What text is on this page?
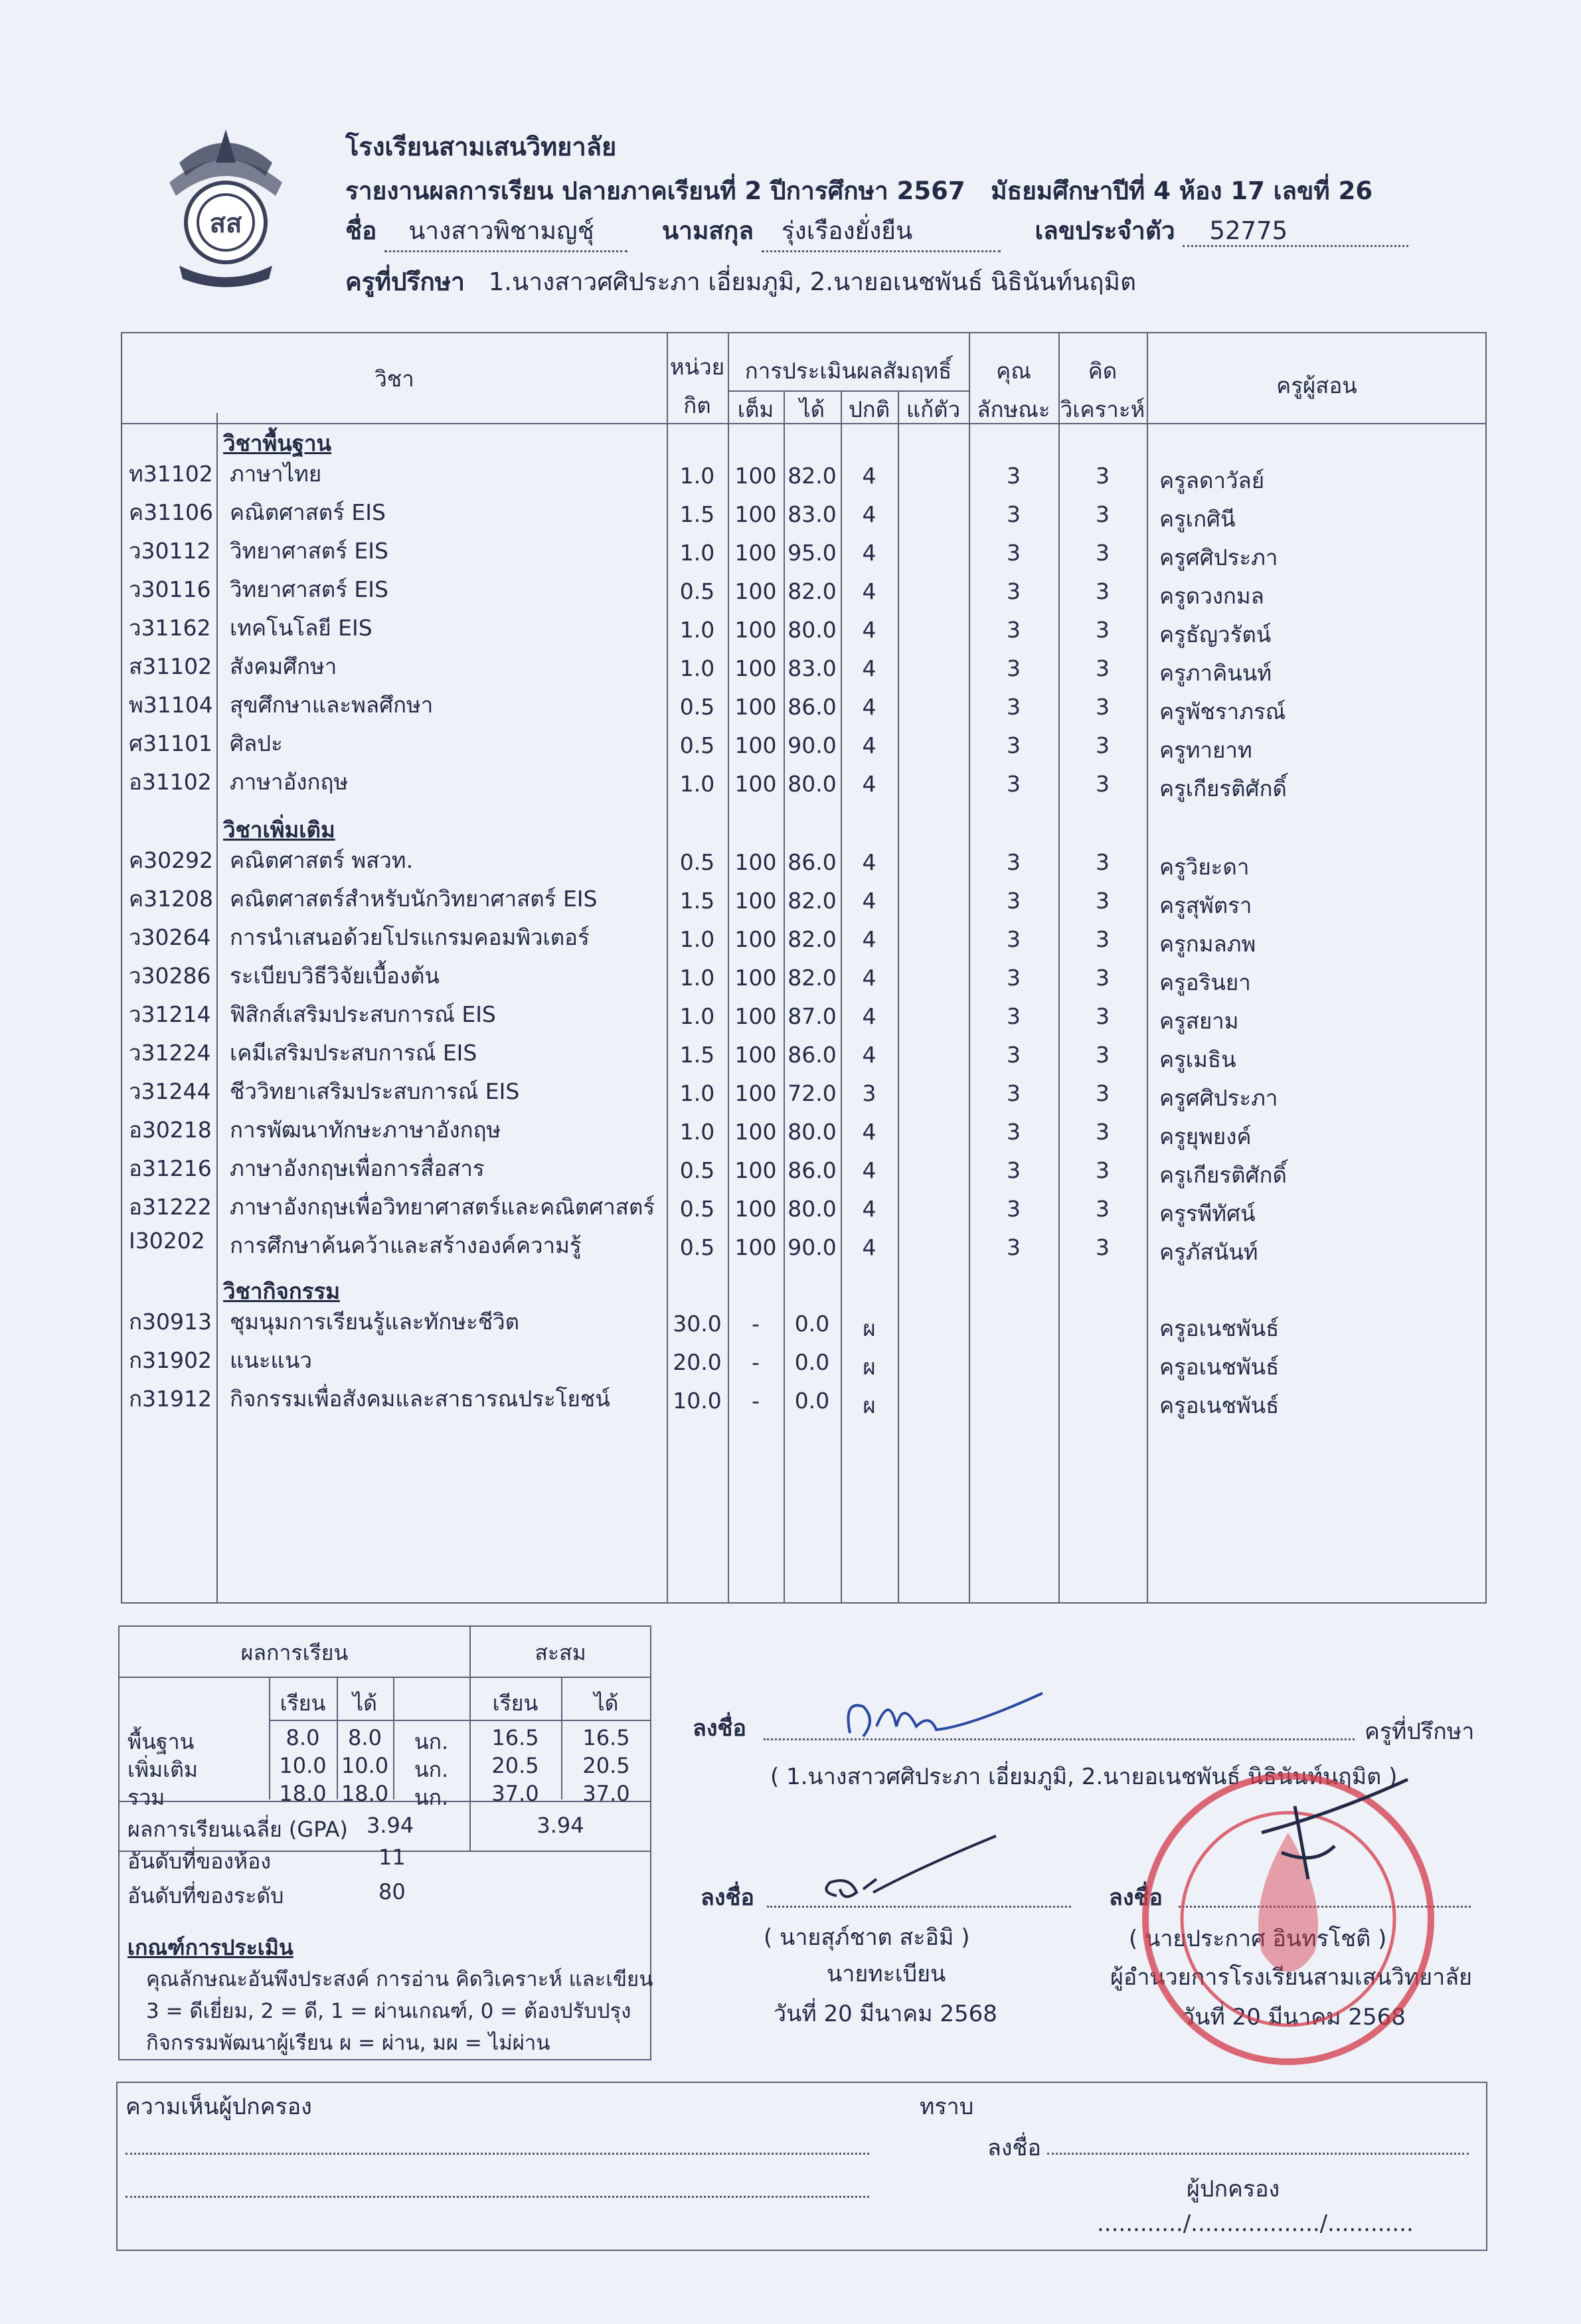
สส
โรงเรียนสามเสนวิทยาลัย
รายงานผลการเรียน ปลายภาคเรียนที่ 2 ปีการศึกษา 2567 มัธยมศึกษาปีที่ 4 ห้อง 17 เลขที่ 26
ชื่อ นางสาวพิชามญชุ์	นามสกุล รุ่งเรืองยั่งยืน	เลขประจำตัว 52775
ครูที่ปรึกษา 1.นางสาวศศิประภา เอี่ยมภูมิ, 2.นายอเนชพันธ์ นิธินันท์นฤมิต
วิชา	หน่วย
กิต
การประเมินผลสัมฤทธิ์
เต็ม	ได้	ปกติ แก้ตัว
คุณ
ลักษณะ
คิด
วิเคราะห์
ครูผู้สอน
วิชาพื้นฐาน
ท31102 ภาษาไทย	1.0 100 82.0	4	3	3	ครูลดาวัลย์
ค31106 คณิตศาสตร์ EIS	1.5 100 83.0	4	3	3	ครูเกศินี
ว30112 วิทยาศาสตร์ EIS	1.0 100 95.0	4	3	3	ครูศศิประภา
ว30116 วิทยาศาสตร์ EIS	0.5 100 82.0	4	3	3	ครูดวงกมล
ว31162 เทคโนโลยี EIS	1.0 100 80.0	4	3	3	ครูธัญวรัตน์
ส31102 สังคมศึกษา	1.0 100 83.0	4	3	3	ครูภาคินนท์
พ31104 สุขศึกษาและพลศึกษา	0.5 100 86.0	4	3	3	ครูพัชราภรณ์
ศ31101 ศิลปะ	0.5 100 90.0	4	3	3	ครูทายาท
อ31102 ภาษาอังกฤษ	1.0 100 80.0	4	3	3	ครูเกียรติศักดิ์
วิชาเพิ่มเติม
ค30292 คณิตศาสตร์ พสวท.	0.5 100 86.0	4	3	3	ครูวิยะดา
ค31208 คณิตศาสตร์สำหรับนักวิทยาศาสตร์ EIS	1.5 100 82.0	4	3	3	ครูสุพัตรา
ว30264 การนำเสนอด้วยโปรแกรมคอมพิวเตอร์	1.0 100 82.0	4	3	3	ครูกมลภพ
ว30286 ระเบียบวิธีวิจัยเบื้องต้น	1.0 100 82.0	4	3	3	ครูอรินยา
ว31214 ฟิสิกส์เสริมประสบการณ์ EIS	1.0 100 87.0	4	3	3	ครูสยาม
ว31224 เคมีเสริมประสบการณ์ EIS	1.5 100 86.0	4	3	3	ครูเมธิน
ว31244 ชีววิทยาเสริมประสบการณ์ EIS	1.0 100 72.0	3	3	3	ครูศศิประภา
อ30218 การพัฒนาทักษะภาษาอังกฤษ	1.0 100 80.0	4	3	3	ครูยุพยงค์
อ31216 ภาษาอังกฤษเพื่อการสื่อสาร	0.5 100 86.0	4	3	3	ครูเกียรติศักดิ์
อ31222 ภาษาอังกฤษเพื่อวิทยาศาสตร์และคณิตศาสตร์	0.5 100 80.0	4	3	3	ครูรพีทัศน์
I30202 การศึกษาค้นคว้าและสร้างองค์ความรู้	0.5 100 90.0	4	3	3	ครูภัสนันท์
วิชากิจกรรม
ก30913 ชุมนุมการเรียนรู้และทักษะชีวิต	30.0	-	0.0	ผ	ครูอเนชพันธ์
ก31902 แนะแนว	20.0	-	0.0	ผ	ครูอเนชพันธ์
ก31912 กิจกรรมเพื่อสังคมและสาธารณประโยชน์	10.0	-	0.0	ผ	ครูอเนชพันธ์
ผลการเรียน	สะสม
เรียน	ได้	เรียน	ได้
พื้นฐาน	8.0	8.0	นก.	16.5	16.5
เพิ่มเติม	10.0 10.0	นก.	20.5	20.5
รวม	18.0 18.0	นก.	37.0	37.0
ผลการเรียนเฉลี่ย (GPA) 3.94	3.94
อันดับที่ของห้อง	11
อันดับที่ของระดับ	80
เกณฑ์การประเมิน
คุณลักษณะอันพึงประสงค์ การอ่าน คิดวิเคราะห์ และเขียน
3 = ดีเยี่ยม, 2 = ดี, 1 = ผ่านเกณฑ์, 0 = ต้องปรับปรุง
กิจกรรมพัฒนาผู้เรียน ผ = ผ่าน, มผ = ไม่ผ่าน
ลงชื่อ	ครูที่ปรึกษา
( 1.นางสาวศศิประภา เอี่ยมภูมิ, 2.นายอเนชพันธ์ นิธินันท์นฤมิต )
ลงชื่อ
( นายสุภ์ชาต สะอิมิ )
นายทะเบียน
วันที่ 20 มีนาคม 2568
ลงชื่อ
( นายประกาศ อินทรโชติ )
ผู้อำนวยการโรงเรียนสามเสนวิทยาลัย
วันที่ 20 มีนาคม 2568
ความเห็นผู้ปกครอง	ทราบ
ลงชื่อ
ผู้ปกครอง
............/................../............
